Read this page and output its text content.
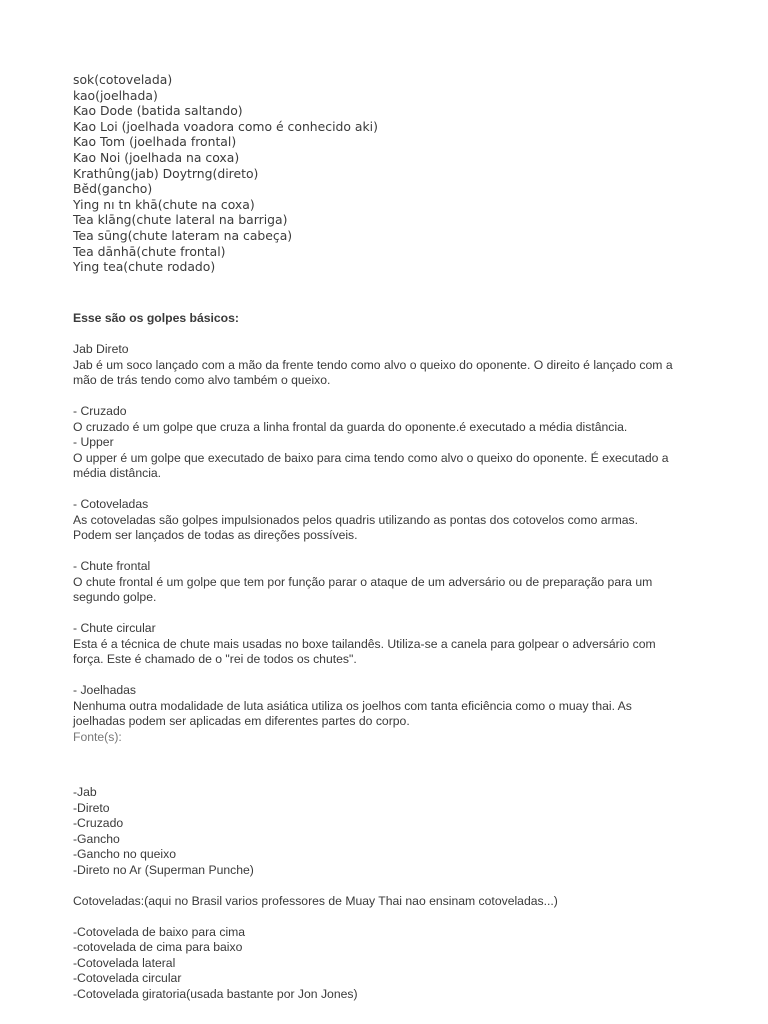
sok(cotovelada)
kao(joelhada)
Kao Dode (batida saltando)
Kao Loi (joelhada voadora como é conhecido aki)
Kao Tom (joelhada frontal)
Kao Noi (joelhada na coxa)
Krathûng(jab) Doytrng(direto)
Bĕd(gancho)
Ying nı tn khā(chute na coxa)
Tea klāng(chute lateral na barriga)
Tea sūng(chute lateram na cabeça)
Tea dānhā(chute frontal)
Ying tea(chute rodado)
Esse são os golpes básicos:
Jab Direto
Jab é um soco lançado com a mão da frente tendo como alvo o queixo do oponente. O direito é lançado com a
mão de trás tendo como alvo também o queixo.
- Cruzado
O cruzado é um golpe que cruza a linha frontal da guarda do oponente.é executado a média distância.
- Upper
O upper é um golpe que executado de baixo para cima tendo como alvo o queixo do oponente. É executado a
média distância.
- Cotoveladas
As cotoveladas são golpes impulsionados pelos quadris utilizando as pontas dos cotovelos como armas.
Podem ser lançados de todas as direções possíveis.
- Chute frontal
O chute frontal é um golpe que tem por função parar o ataque de um adversário ou de preparação para um
segundo golpe.
- Chute circular
Esta é a técnica de chute mais usadas no boxe tailandês. Utiliza-se a canela para golpear o adversário com
força. Este é chamado de o "rei de todos os chutes".
- Joelhadas
Nenhuma outra modalidade de luta asiática utiliza os joelhos com tanta eficiência como o muay thai. As
joelhadas podem ser aplicadas em diferentes partes do corpo.
Fonte(s):
-Jab
-Direto
-Cruzado
-Gancho
-Gancho no queixo
-Direto no Ar (Superman Punche)
Cotoveladas:(aqui no Brasil varios professores de Muay Thai nao ensinam cotoveladas...)
-Cotovelada de baixo para cima
-cotovelada de cima para baixo
-Cotovelada lateral
-Cotovelada circular
-Cotovelada giratoria(usada bastante por Jon Jones)
